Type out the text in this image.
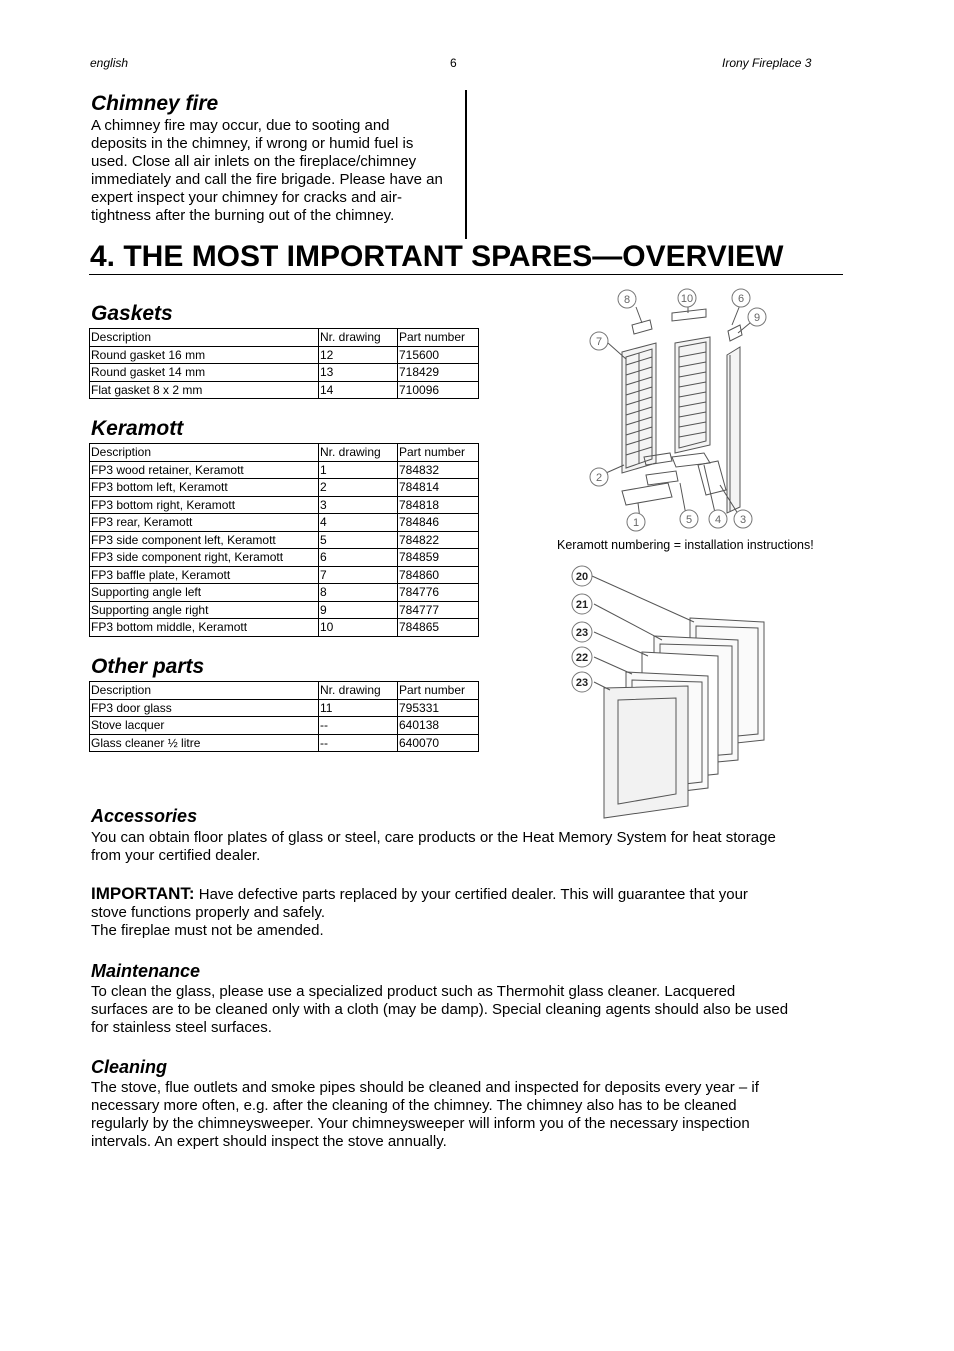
english	6	Irony Fireplace 3
Chimney fire
A chimney fire may occur, due to sooting and
deposits in the chimney, if wrong or humid fuel is
used. Close all air inlets on the fireplace/chimney
immediately and call the fire brigade. Please have an
expert inspect your chimney for cracks and air-
tightness after the burning out of the chimney.
4. THE MOST IMPORTANT SPARES—OVERVIEW
Gaskets
Description	Nr. drawing	Part number
Round gasket 16 mm	12	715600
Round gasket 14 mm	13	718429
Flat gasket 8 x 2 mm	14	710096
Keramott
Description	Nr. drawing	Part number
FP3 wood retainer, Keramott	1	784832
FP3 bottom left, Keramott	2	784814
FP3 bottom right, Keramott	3	784818
FP3 rear, Keramott	4	784846
FP3 side component left, Keramott	5	784822
FP3 side component right, Keramott	6	784859
FP3 baffle plate, Keramott	7	784860
Supporting angle left	8	784776
Supporting angle right	9	784777
FP3 bottom middle, Keramott	10	784865
Other parts
Description	Nr. drawing	Part number
FP3 door glass	11	795331
Stove lacquer	--	640138
Glass cleaner ½ litre	--	640070
8	10	6
9
7
2
1	5 4 3
Keramott numbering = installation instructions!
20
21
23
22
23
Accessories
You can obtain floor plates of glass or steel, care products or the Heat Memory System for heat storage
from your certified dealer.
IMPORTANT: Have defective parts replaced by your certified dealer. This will guarantee that your
stove functions properly and safely.
The fireplae must not be amended.
Maintenance
To clean the glass, please use a specialized product such as Thermohit glass cleaner. Lacquered
surfaces are to be cleaned only with a cloth (may be damp). Special cleaning agents should also be used
for stainless steel surfaces.
Cleaning
The stove, flue outlets and smoke pipes should be cleaned and inspected for deposits every year – if
necessary more often, e.g. after the cleaning of the chimney. The chimney also has to be cleaned
regularly by the chimneysweeper. Your chimneysweeper will inform you of the necessary inspection
intervals. An expert should inspect the stove annually.
